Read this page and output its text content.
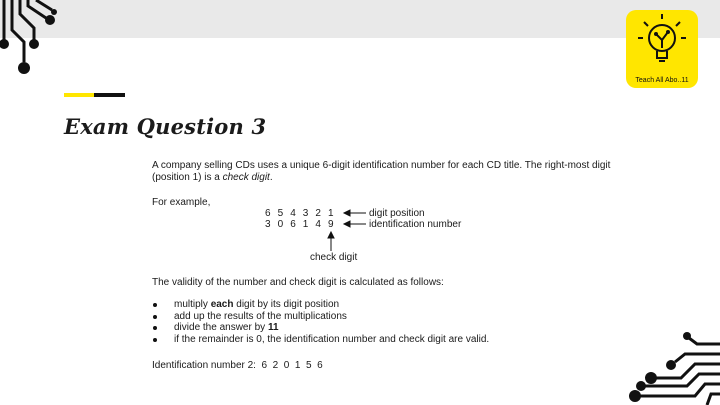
Teach All Abo..11
Exam Question 3
A company selling CDs uses a unique 6-digit identification number for each CD title. The right-most digit (position 1) is a check digit.
For example,
6 5 4 3 2 1
3 0 6 1 4 9
digit position
identification number
check digit
The validity of the number and check digit is calculated as follows:
multiply each digit by its digit position
add up the results of the multiplications
divide the answer by 11
if the remainder is 0, the identification number and check digit are valid.
Identification number 2: 6  2  0  1  5  6
